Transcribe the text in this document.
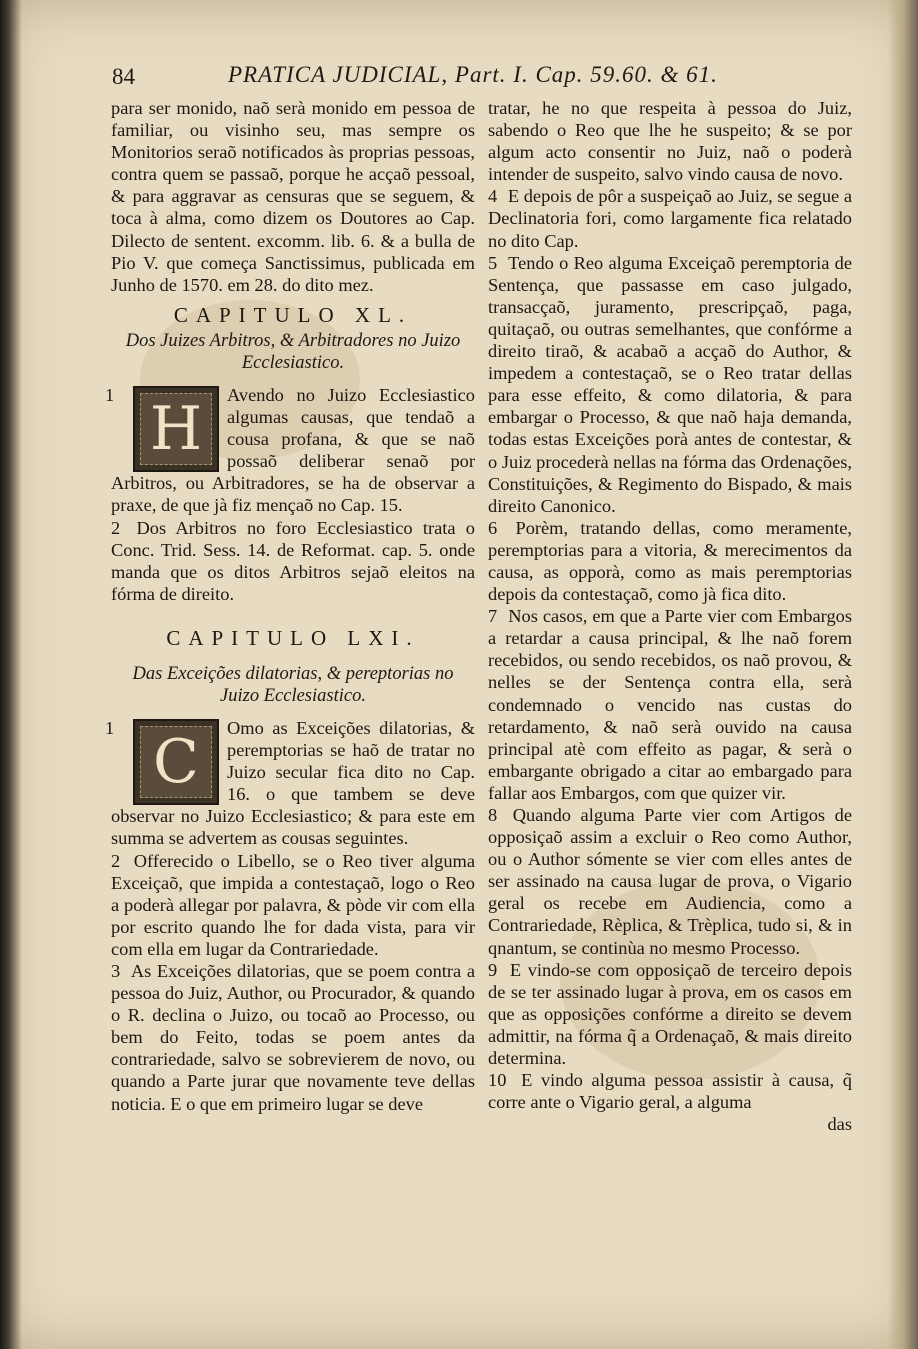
84	PRATICA JUDICIAL, Part. I. Cap. 59.60. & 61.

para ser monido, naõ serà monido em pessoa de familiar, ou visinho seu, mas sempre os Monitorios seraõ notificados às proprias pessoas, contra quem se passaõ, porque he acçaõ pessoal, & para aggravar as censuras que se seguem, & toca à alma, como dizem os Doutores ao Cap. Dilecto de sentent. excomm. lib. 6. & a bulla de Pio V. que começa Sanctissimus, publicada em Junho de 1570. em 28. do dito mez.

CAPITULO XL.
Dos Juizes Arbitros, & Arbitradores no Juizo Ecclesiastico.

1 H	Avendo no Juizo Ecclesiastico algumas causas, que tendaõ a cousa profana, & que se naõ possaõ deliberar senaõ por Arbitros, ou Arbitradores, se ha de observar a praxe, de que jà fiz mençaõ no Cap. 15.

2 Dos Arbitros no foro Ecclesiastico trata o Conc. Trid. Sess. 14. de Reformat. cap. 5. onde manda que os ditos Arbitros sejaõ eleitos na fórma de direito.

CAPITULO LXI.
Das Exceições dilatorias, & pereptorias no Juizo Ecclesiastico.

1 C	Omo as Exceições dilatorias, & peremptorias se haõ de tratar no Juizo secular fica dito no Cap. 16. o que tambem se deve observar no Juizo Ecclesiastico; & para este em summa se advertem as cousas seguintes.

2 Offerecido o Libello, se o Reo tiver alguma Exceiçaõ, que impida a contestaçaõ, logo o Reo a poderà allegar por palavra, & pòde vir com ella por escrito quando lhe for dada vista, para vir com ella em lugar da Contrariedade.

3 As Exceições dilatorias, que se poem contra a pessoa do Juiz, Author, ou Procurador, & quando o R. declina o Juizo, ou tocaõ ao Processo, ou bem do Feito, todas se poem antes da contrariedade, salvo se sobrevierem de novo, ou quando a Parte jurar que novamente teve dellas noticia. E o que em primeiro lugar se deve

tratar, he no que respeita à pessoa do Juiz, sabendo o Reo que lhe he suspeito; & se por algum acto consentir no Juiz, naõ o poderà intender de suspeito, salvo vindo causa de novo.

4 E depois de pôr a suspeiçaõ ao Juiz, se segue a Declinatoria fori, como largamente fica relatado no dito Cap.

5 Tendo o Reo alguma Exceiçaõ peremptoria de Sentença, que passasse em caso julgado, transacçaõ, juramento, prescripçaõ, paga, quitaçaõ, ou outras semelhantes, que confórme a direito tiraõ, & acabaõ a acçaõ do Author, & impedem a contestaçaõ, se o Reo tratar dellas para esse effeito, & como dilatoria, & para embargar o Processo, & que naõ haja demanda, todas estas Exceições porà antes de contestar, & o Juiz procederà nellas na fórma das Ordenações, Constituições, & Regimento do Bispado, & mais direito Canonico.

6 Porèm, tratando dellas, como meramente, peremptorias para a vitoria, & merecimentos da causa, as opporà, como as mais peremptorias depois da contestaçaõ, como jà fica dito.

7 Nos casos, em que a Parte vier com Embargos a retardar a causa principal, & lhe naõ forem recebidos, ou sendo recebidos, os naõ provou, & nelles se der Sentença contra ella, serà condemnado o vencido nas custas do retardamento, & naõ serà ouvido na causa principal atè com effeito as pagar, & serà o embargante obrigado a citar ao embargado para fallar aos Embargos, com que quizer vir.

8 Quando alguma Parte vier com Artigos de opposiçaõ assim a excluir o Reo como Author, ou o Author sómente se vier com elles antes de ser assinado na causa lugar de prova, o Vigario geral os recebe em Audiencia, como a Contrariedade, Rèplica, & Trèplica, tudo si, & in qnantum, se continùa no mesmo Processo.

9 E vindo-se com opposiçaõ de terceiro depois de se ter assinado lugar à prova, em os casos em que as opposições confórme a direito se devem admittir, na fórma q̃ a Ordenaçaõ, & mais direito determina.

10 E vindo alguma pessoa assistir à causa, q̃ corre ante o Vigario geral, a alguma

das
